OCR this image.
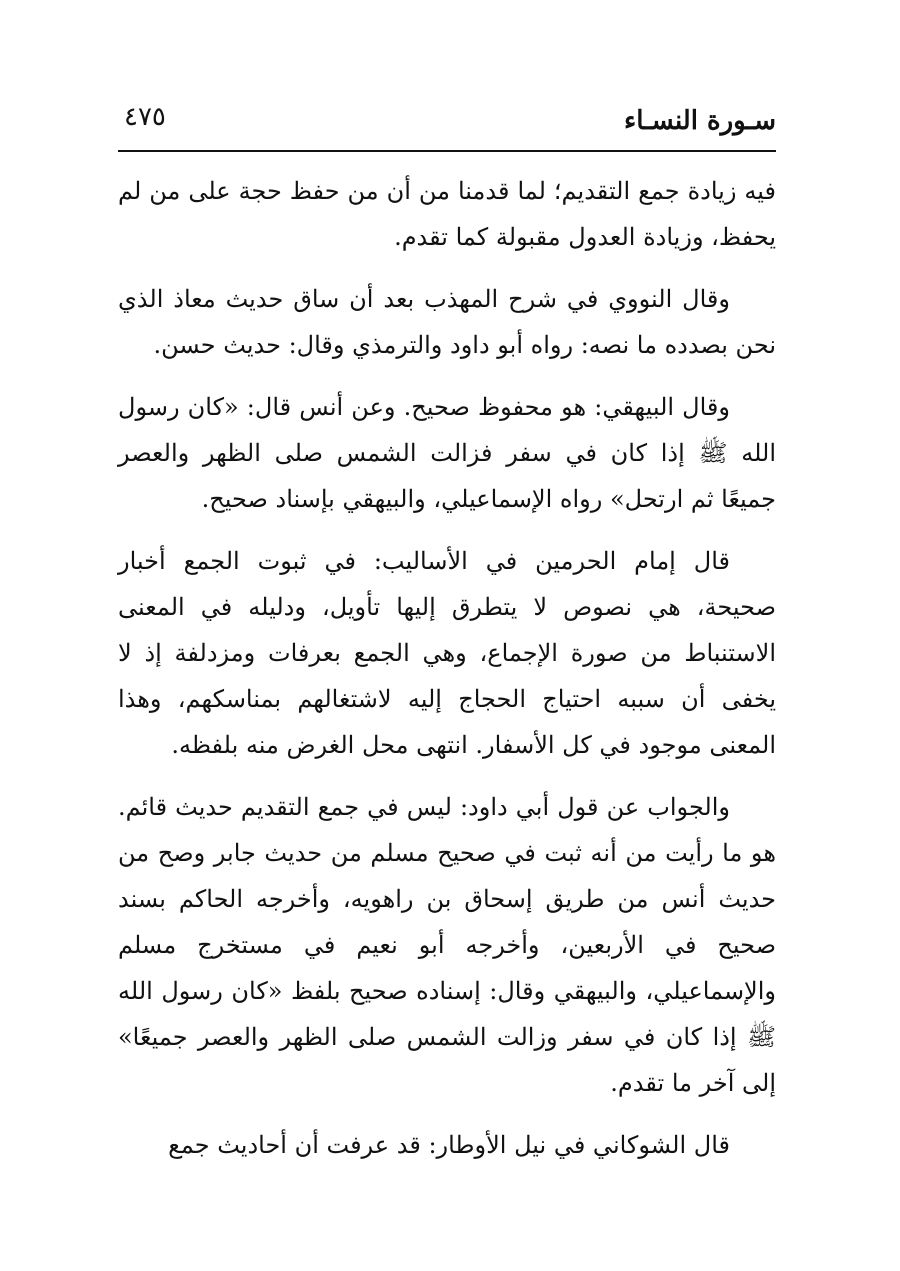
٤٧٥	سـورة النسـاء

فيه زيادة جمع التقديم؛ لما قدمنا من أن من حفظ حجة على من لم يحفظ، وزيادة العدول مقبولة كما تقدم.

وقال النووي في شرح المهذب بعد أن ساق حديث معاذ الذي نحن بصدده ما نصه: رواه أبو داود والترمذي وقال: حديث حسن.

وقال البيهقي: هو محفوظ صحيح. وعن أنس قال: «كان رسول الله ﷺ إذا كان في سفر فزالت الشمس صلى الظهر والعصر جميعًا ثم ارتحل» رواه الإسماعيلي، والبيهقي بإسناد صحيح.

قال إمام الحرمين في الأساليب: في ثبوت الجمع أخبار صحيحة، هي نصوص لا يتطرق إليها تأويل، ودليله في المعنى الاستنباط من صورة الإجماع، وهي الجمع بعرفات ومزدلفة إذ لا يخفى أن سببه احتياج الحجاج إليه لاشتغالهم بمناسكهم، وهذا المعنى موجود في كل الأسفار. انتهى محل الغرض منه بلفظه.

والجواب عن قول أبي داود: ليس في جمع التقديم حديث قائم. هو ما رأيت من أنه ثبت في صحيح مسلم من حديث جابر وصح من حديث أنس من طريق إسحاق بن راهويه، وأخرجه الحاكم بسند صحيح في الأربعين، وأخرجه أبو نعيم في مستخرج مسلم والإسماعيلي، والبيهقي وقال: إسناده صحيح بلفظ «كان رسول الله ﷺ إذا كان في سفر وزالت الشمس صلى الظهر والعصر جميعًا» إلى آخر ما تقدم.

قال الشوكاني في نيل الأوطار: قد عرفت أن أحاديث جمع
